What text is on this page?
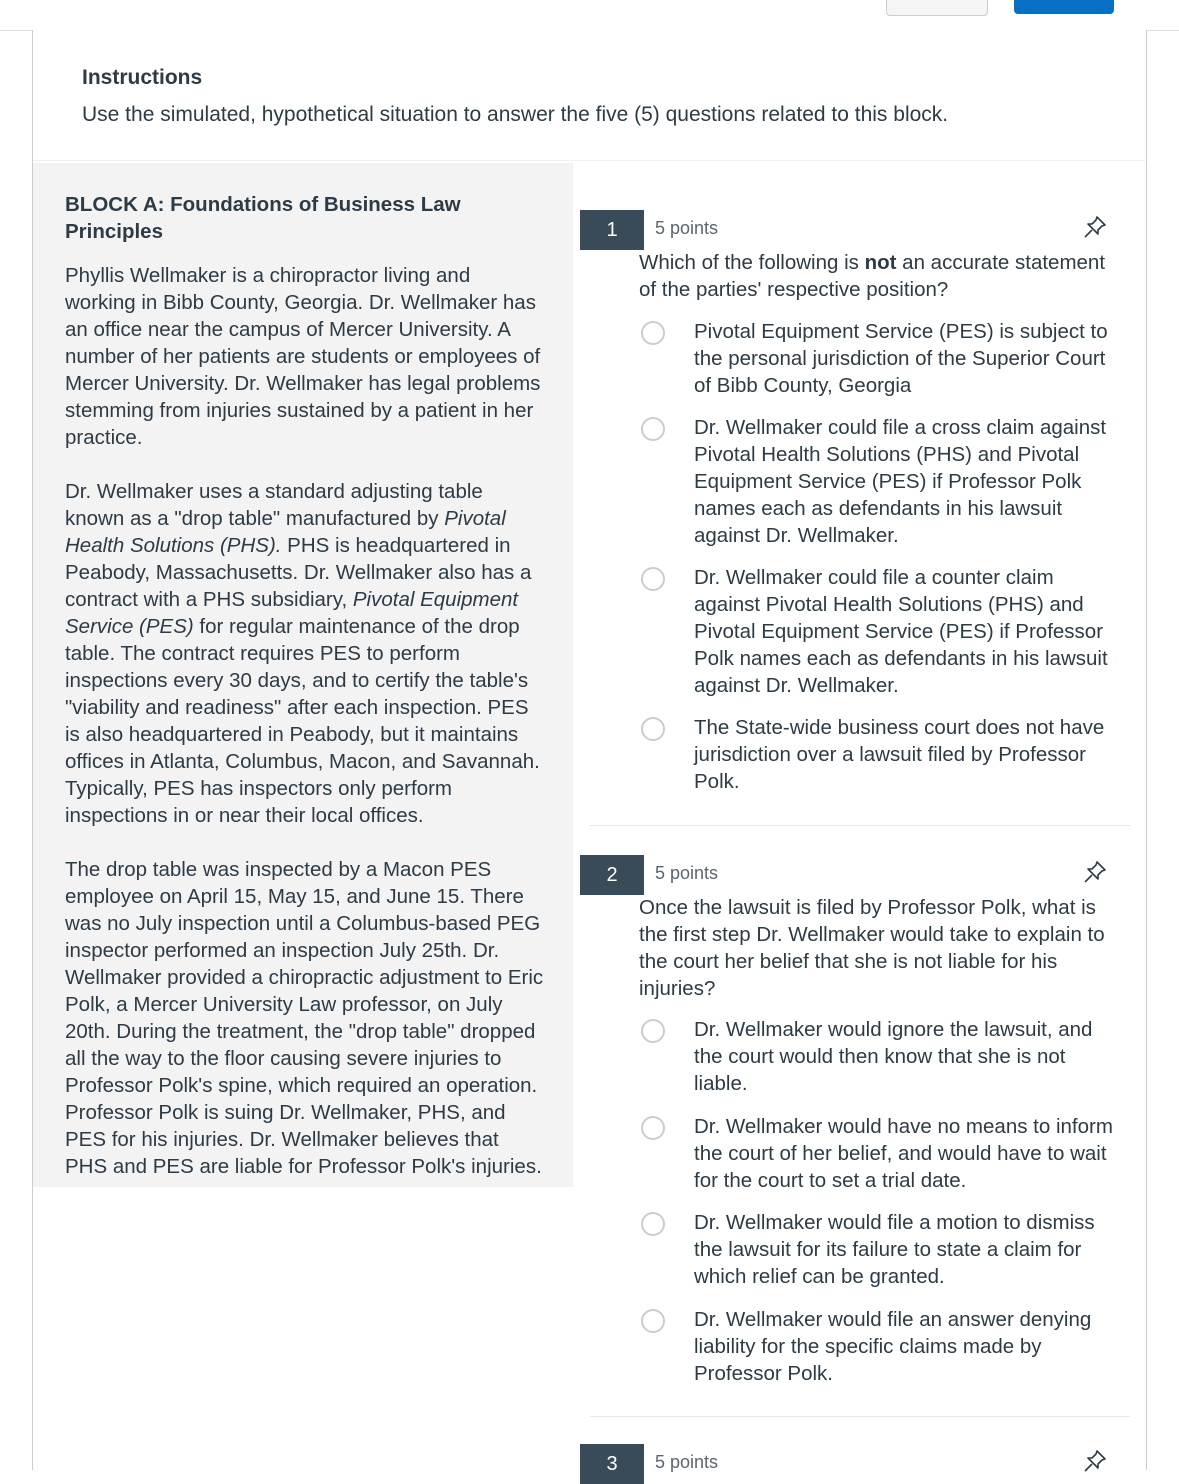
Instructions
Use the simulated, hypothetical situation to answer the five (5) questions related to this block.
BLOCK A: Foundations of Business Law Principles

Phyllis Wellmaker is a chiropractor living and working in Bibb County, Georgia. Dr. Wellmaker has an office near the campus of Mercer University. A number of her patients are students or employees of Mercer University. Dr. Wellmaker has legal problems stemming from injuries sustained by a patient in her practice.

Dr. Wellmaker uses a standard adjusting table known as a "drop table" manufactured by Pivotal Health Solutions (PHS). PHS is headquartered in Peabody, Massachusetts. Dr. Wellmaker also has a contract with a PHS subsidiary, Pivotal Equipment Service (PES) for regular maintenance of the drop table. The contract requires PES to perform inspections every 30 days, and to certify the table's "viability and readiness" after each inspection. PES is also headquartered in Peabody, but it maintains offices in Atlanta, Columbus, Macon, and Savannah. Typically, PES has inspectors only perform inspections in or near their local offices.

The drop table was inspected by a Macon PES employee on April 15, May 15, and June 15. There was no July inspection until a Columbus-based PEG inspector performed an inspection July 25th. Dr. Wellmaker provided a chiropractic adjustment to Eric Polk, a Mercer University Law professor, on July 20th. During the treatment, the "drop table" dropped all the way to the floor causing severe injuries to Professor Polk's spine, which required an operation. Professor Polk is suing Dr. Wellmaker, PHS, and PES for his injuries. Dr. Wellmaker believes that PHS and PES are liable for Professor Polk's injuries.

1	5 points
Which of the following is not an accurate statement of the parties' respective position?
Pivotal Equipment Service (PES) is subject to the personal jurisdiction of the Superior Court of Bibb County, Georgia
Dr. Wellmaker could file a cross claim against Pivotal Health Solutions (PHS) and Pivotal Equipment Service (PES) if Professor Polk names each as defendants in his lawsuit against Dr. Wellmaker.
Dr. Wellmaker could file a counter claim against Pivotal Health Solutions (PHS) and Pivotal Equipment Service (PES) if Professor Polk names each as defendants in his lawsuit against Dr. Wellmaker.
The State-wide business court does not have jurisdiction over a lawsuit filed by Professor Polk.
2	5 points
Once the lawsuit is filed by Professor Polk, what is the first step Dr. Wellmaker would take to explain to the court her belief that she is not liable for his injuries?
Dr. Wellmaker would ignore the lawsuit, and the court would then know that she is not liable.
Dr. Wellmaker would have no means to inform the court of her belief, and would have to wait for the court to set a trial date.
Dr. Wellmaker would file a motion to dismiss the lawsuit for its failure to state a claim for which relief can be granted.
Dr. Wellmaker would file an answer denying liability for the specific claims made by Professor Polk.
3	5 points
